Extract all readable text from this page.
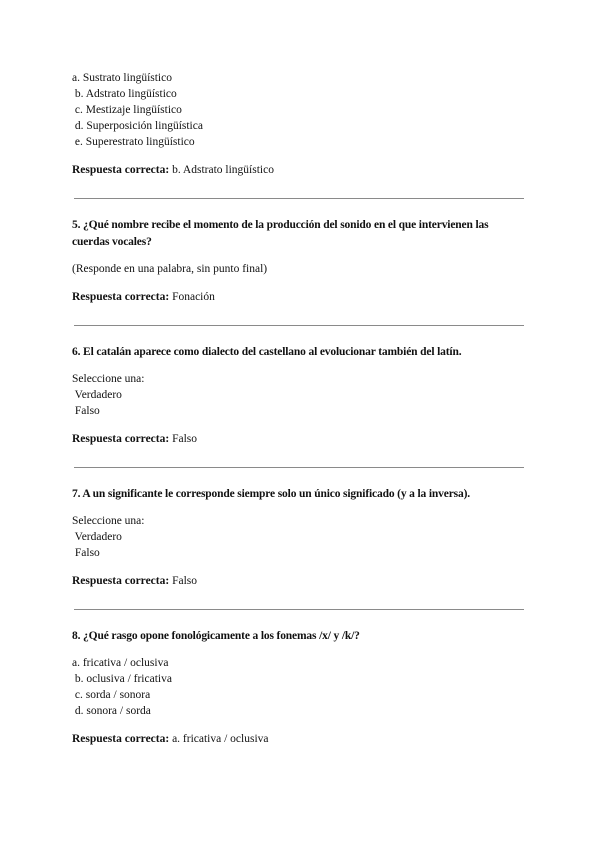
a. Sustrato lingüístico
b. Adstrato lingüístico
c. Mestizaje lingüístico
d. Superposición lingüística
e. Superestrato lingüístico
Respuesta correcta: b. Adstrato lingüístico
5. ¿Qué nombre recibe el momento de la producción del sonido en el que intervienen las cuerdas vocales?
(Responde en una palabra, sin punto final)
Respuesta correcta: Fonación
6. El catalán aparece como dialecto del castellano al evolucionar también del latín.
Seleccione una:
Verdadero
Falso
Respuesta correcta: Falso
7. A un significante le corresponde siempre solo un único significado (y a la inversa).
Seleccione una:
Verdadero
Falso
Respuesta correcta: Falso
8. ¿Qué rasgo opone fonológicamente a los fonemas /x/ y /k/?
a. fricativa / oclusiva
b. oclusiva / fricativa
c. sorda / sonora
d. sonora / sorda
Respuesta correcta: a. fricativa / oclusiva
